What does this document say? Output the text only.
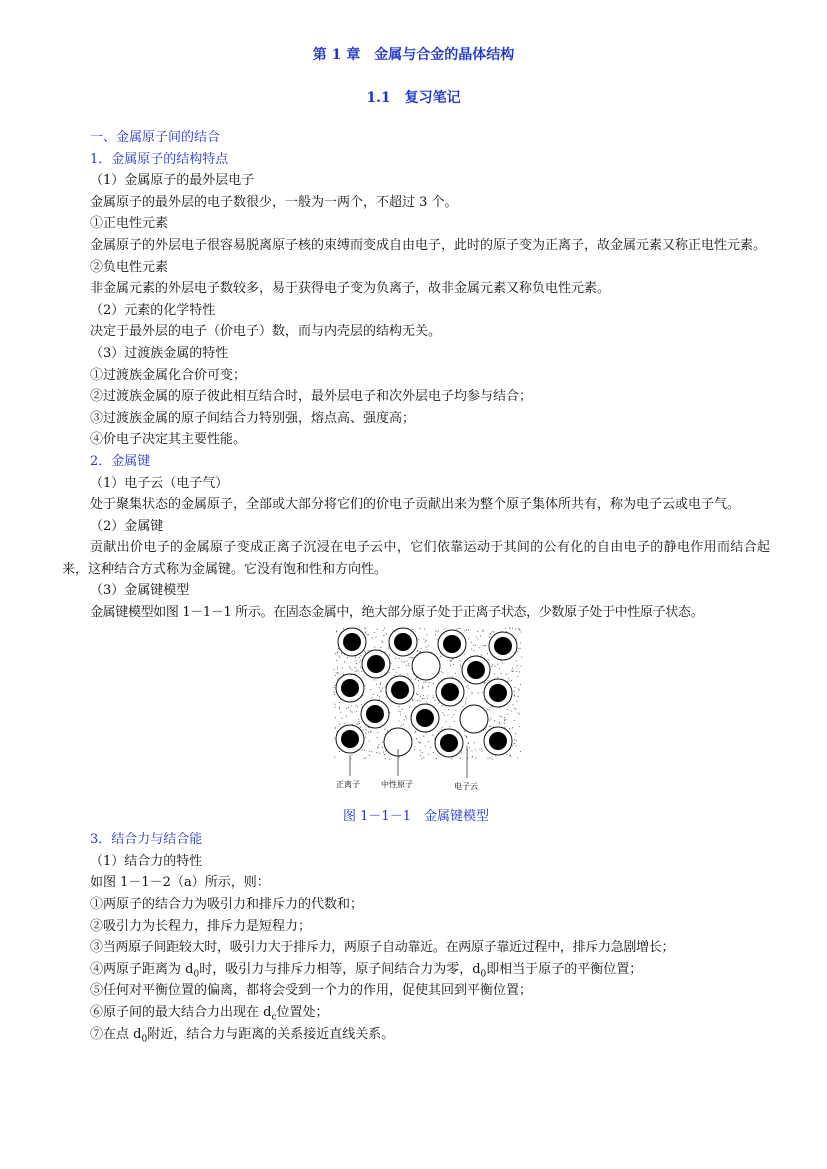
第 1 章　金属与合金的晶体结构
1.1　复习笔记

一、金属原子间的结合

1．金属原子的结构特点

（1）金属原子的最外层电子

金属原子的最外层的电子数很少，一般为一两个，不超过 3 个。

①正电性元素

金属原子的外层电子很容易脱离原子核的束缚而变成自由电子，此时的原子变为正离子，故金属元素又称正电性元素。

②负电性元素

非金属元素的外层电子数较多，易于获得电子变为负离子，故非金属元素又称负电性元素。

（2）元素的化学特性

决定于最外层的电子（价电子）数，而与内壳层的结构无关。

（3）过渡族金属的特性

①过渡族金属化合价可变；

②过渡族金属的原子彼此相互结合时，最外层电子和次外层电子均参与结合；

③过渡族金属的原子间结合力特别强，熔点高、强度高；

④价电子决定其主要性能。

2．金属键

（1）电子云（电子气）

处于聚集状态的金属原子，全部或大部分将它们的价电子贡献出来为整个原子集体所共有，称为电子云或电子气。

（2）金属键

贡献出价电子的金属原子变成正离子沉浸在电子云中，它们依靠运动于其间的公有化的自由电子的静电作用而结合起来，这种结合方式称为金属键。它没有饱和性和方向性。

（3）金属键模型

金属键模型如图 1－1－1 所示。在固态金属中，绝大部分原子处于正离子状态，少数原子处于中性原子状态。

正离子	中性原子	电子云

图 1－1－1　金属键模型

3．结合力与结合能

（1）结合力的特性

如图 1－1－2（a）所示，则：

①两原子的结合力为吸引力和排斥力的代数和；

②吸引力为长程力，排斥力是短程力；

③当两原子间距较大时，吸引力大于排斥力，两原子自动靠近。在两原子靠近过程中，排斥力急剧增长；

④两原子距离为 $d_0$时，吸引力与排斥力相等，原子间结合力为零，$d_0$即相当于原子的平衡位置；

⑤任何对平衡位置的偏离，都将会受到一个力的作用，促使其回到平衡位置；

⑥原子间的最大结合力出现在 $d_c$位置处；

⑦在点 $d_0$附近，结合力与距离的关系接近直线关系。
